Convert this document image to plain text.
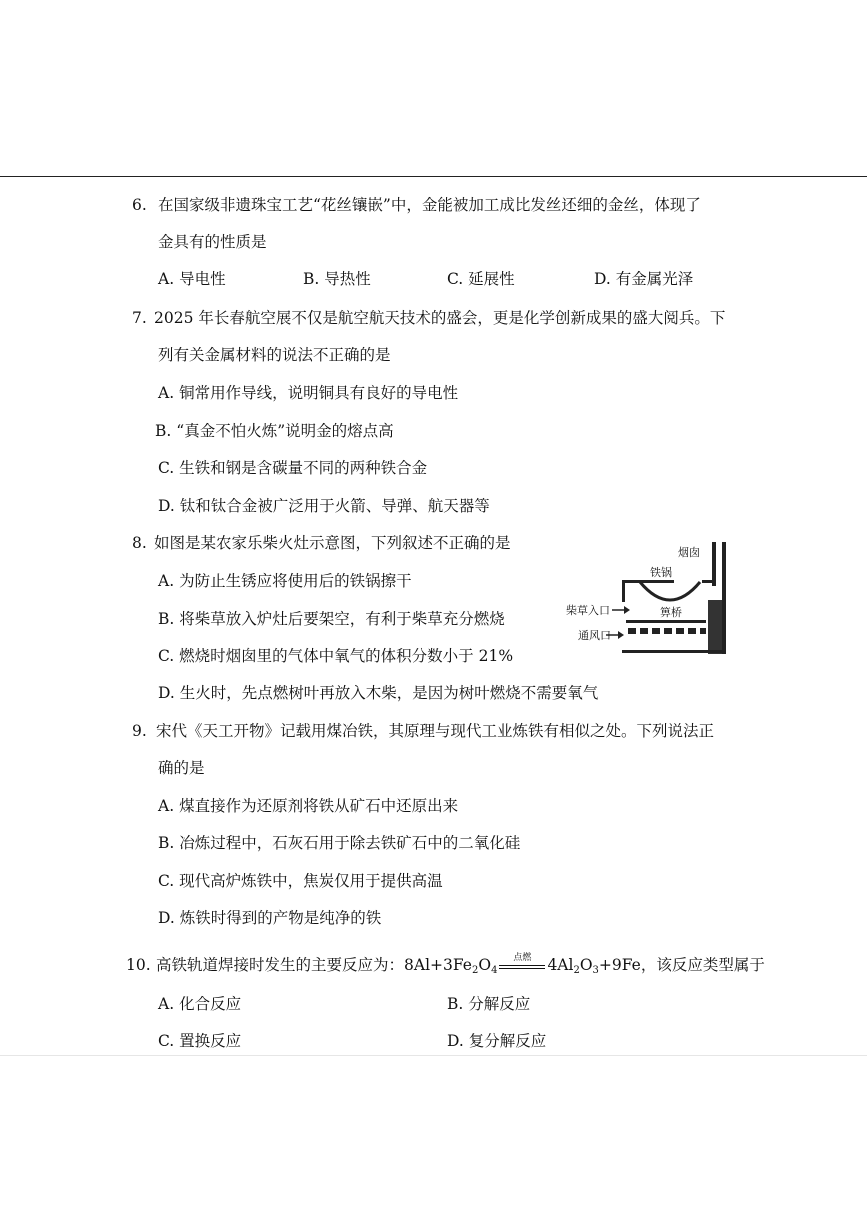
6. 在国家级非遗珠宝工艺“花丝镶嵌”中，金能被加工成比发丝还细的金丝，体现了
金具有的性质是
A. 导电性	B. 导热性	C. 延展性	D. 有金属光泽
7. 2025 年长春航空展不仅是航空航天技术的盛会，更是化学创新成果的盛大阅兵。下
列有关金属材料的说法不正确的是
A. 铜常用作导线，说明铜具有良好的导电性
B. “真金不怕火炼”说明金的熔点高
C. 生铁和钢是含碳量不同的两种铁合金
D. 钛和钛合金被广泛用于火箭、导弹、航天器等
8. 如图是某农家乐柴火灶示意图，下列叙述不正确的是
A. 为防止生锈应将使用后的铁锅擦干
B. 将柴草放入炉灶后要架空，有利于柴草充分燃烧
C. 燃烧时烟囱里的气体中氧气的体积分数小于 21%
D. 生火时，先点燃树叶再放入木柴，是因为树叶燃烧不需要氧气
烟囱
铁锅
柴草入口	箅桥
通风口
9. 宋代《天工开物》记载用煤冶铁，其原理与现代工业炼铁有相似之处。下列说法正
确的是
A. 煤直接作为还原剂将铁从矿石中还原出来
B. 冶炼过程中，石灰石用于除去铁矿石中的二氧化硅
C. 现代高炉炼铁中，焦炭仅用于提供高温
D. 炼铁时得到的产物是纯净的铁
10. 高铁轨道焊接时发生的主要反应为：8Al+3Fe2O4
点燃	4Al2O3+9Fe，该反应类型属于
A. 化合反应	B. 分解反应
C. 置换反应	D. 复分解反应
